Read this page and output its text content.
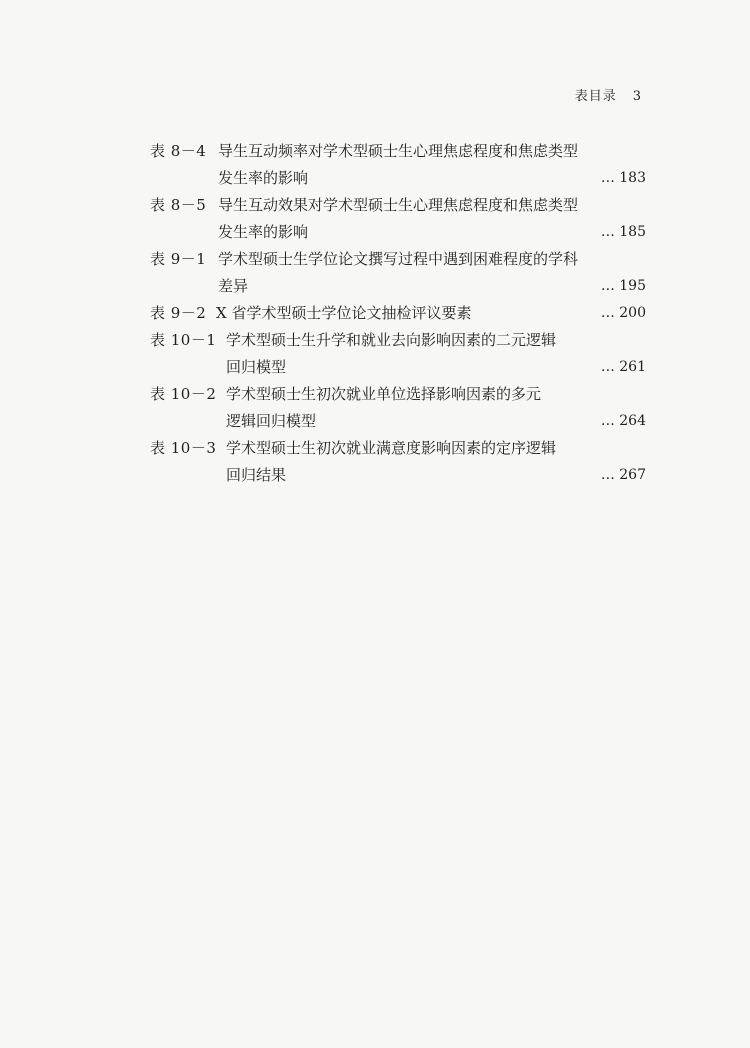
表目录 3
表 8－4 导生互动频率对学术型硕士生心理焦虑程度和焦虑类型
发生率的影响	… 183
表 8－5 导生互动效果对学术型硕士生心理焦虑程度和焦虑类型
发生率的影响	… 185
表 9－1 学术型硕士生学位论文撰写过程中遇到困难程度的学科
差异	… 195
表 9－2 X 省学术型硕士学位论文抽检评议要素	… 200
表 10－1 学术型硕士生升学和就业去向影响因素的二元逻辑
回归模型	… 261
表 10－2 学术型硕士生初次就业单位选择影响因素的多元
逻辑回归模型	… 264
表 10－3 学术型硕士生初次就业满意度影响因素的定序逻辑
回归结果	… 267
